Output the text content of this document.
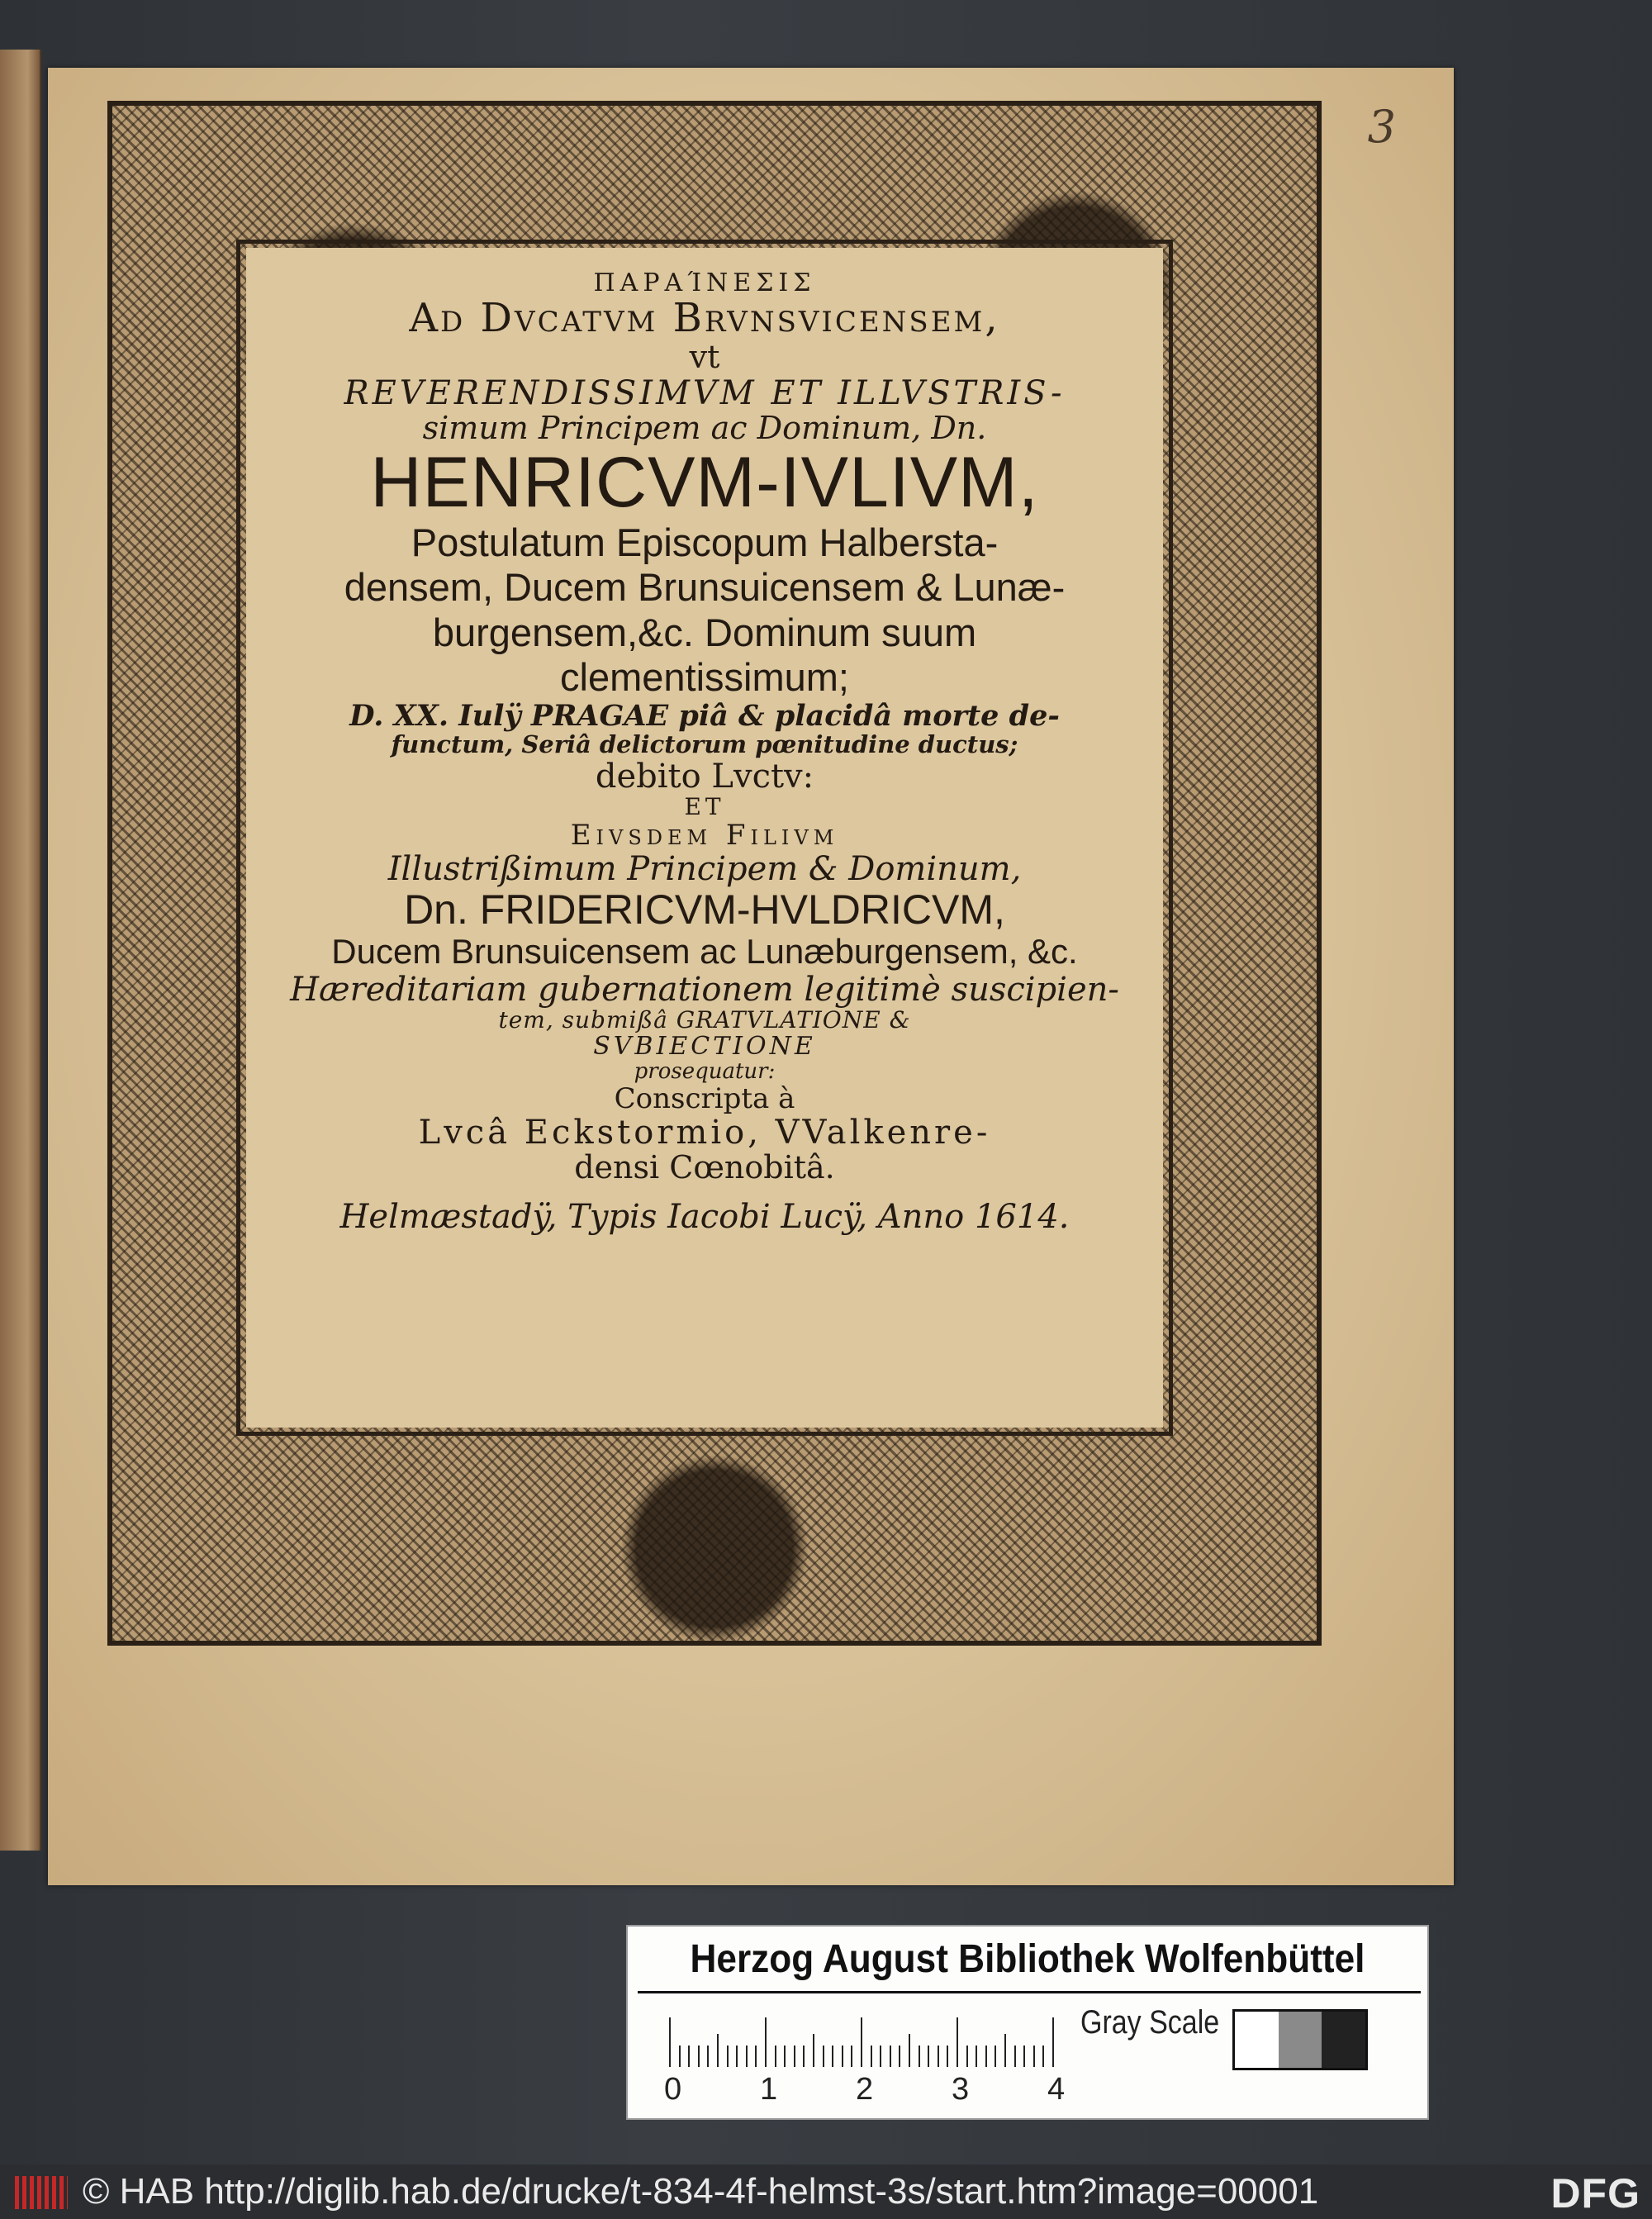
3

ΠΑΡΑΊΝΕΣΙΣ

Ad Dvcatvm Brvnsvicensem,

vt

REVERENDISSIMVM ET ILLVSTRIS-

simum Principem ac Dominum, Dn.

HENRICVM-IVLIVM,

Postulatum Episcopum Halbersta-

densem, Ducem Brunsuicensem & Lunæ-

burgensem,&c. Dominum suum

clementissimum;

D. XX. Iulÿ PRAGAE piâ & placidâ morte de-

functum, Seriâ delictorum pœnitudine ductus;

debito Lvctv:

ET

Eivsdem Filivm

Illustrißimum Principem & Dominum,

Dn. FRIDERICVM-HVLDRICVM,

Ducem Brunsuicensem ac Lunæburgensem, &c.

Hæreditariam gubernationem legitimè suscipien-

tem, submißâ GRATVLATIONE &

SVBIECTIONE

prosequatur:

Conscripta à

Lvcâ Eckstormio, VValkenre-

densi Cœnobitâ.

Helmæstadÿ, Typis Iacobi Lucÿ, Anno 1614.

Herzog August Bibliothek Wolfenbüttel
0 1 2 3 4
Gray Scale
© HAB http://diglib.hab.de/drucke/t-834-4f-helmst-3s/start.htm?image=00001	DFG
